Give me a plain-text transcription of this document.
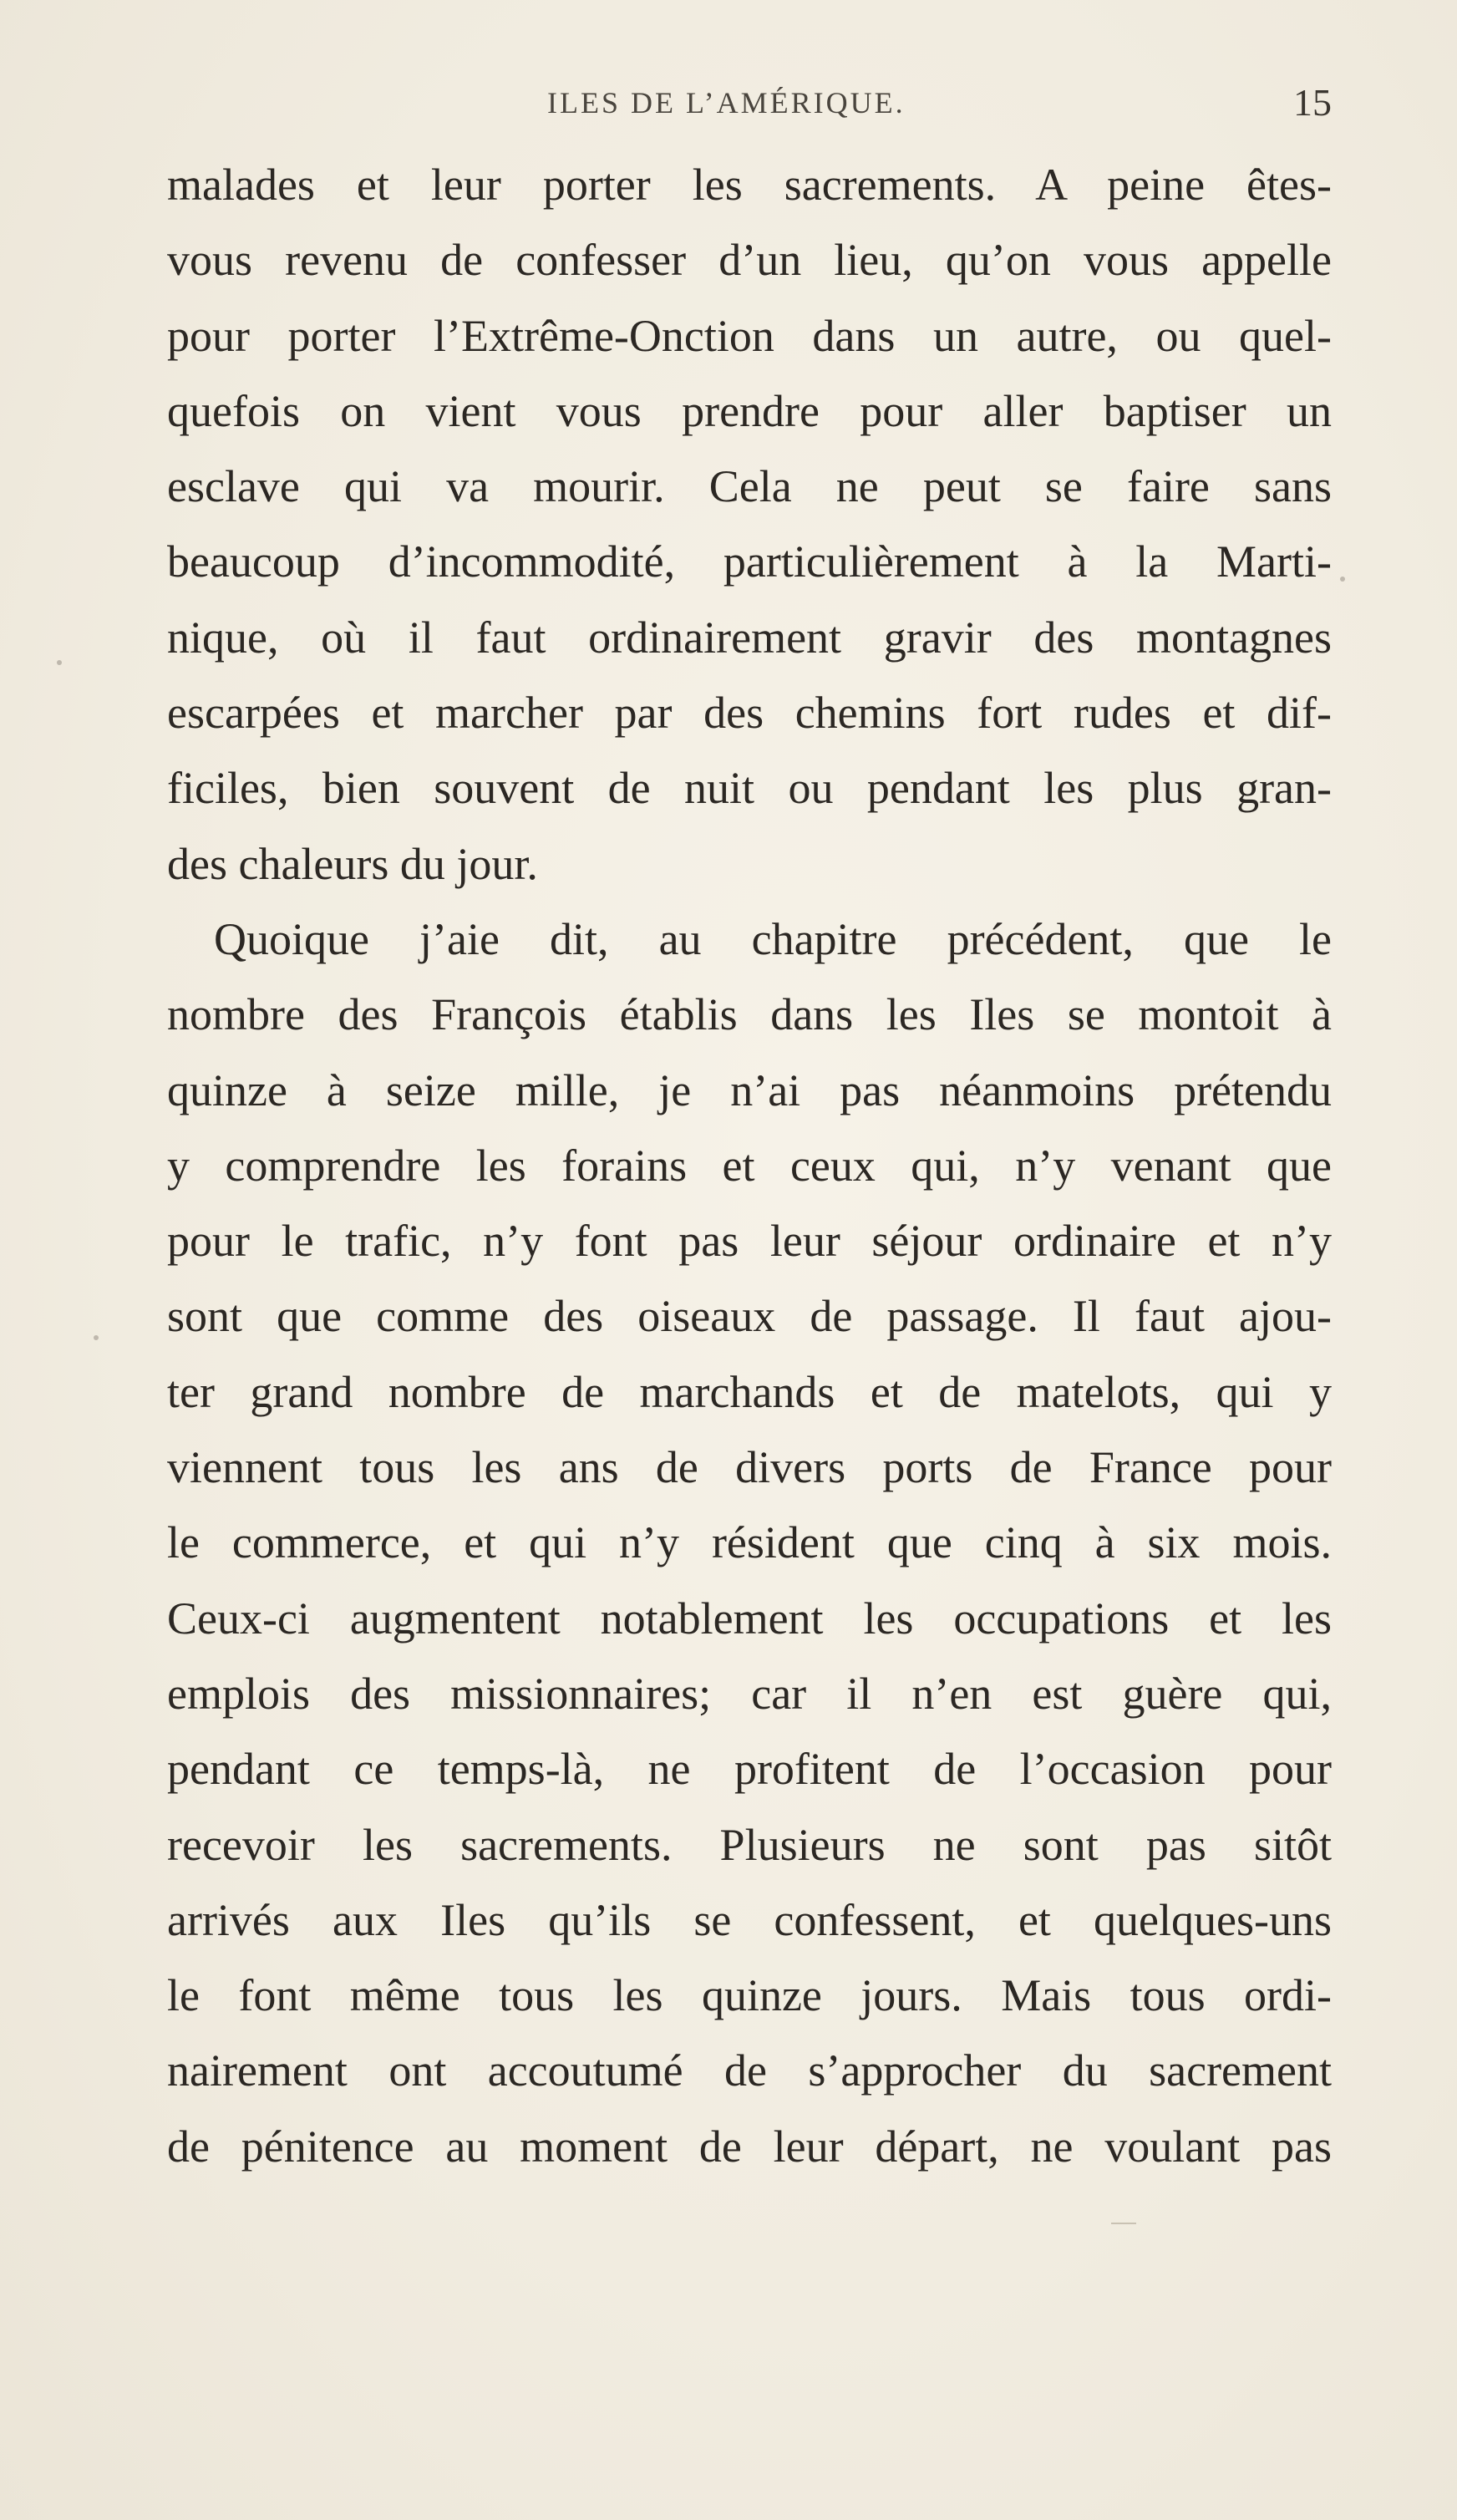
ILES DE L’AMÉRIQUE.	15
malades et leur porter les sacrements. A peine êtes-
vous revenu de confesser d’un lieu, qu’on vous appelle
pour porter l’Extrême-Onction dans un autre, ou quel-
quefois on vient vous prendre pour aller baptiser un
esclave qui va mourir. Cela ne peut se faire sans
beaucoup d’incommodité, particulièrement à la Marti-
nique, où il faut ordinairement gravir des montagnes
escarpées et marcher par des chemins fort rudes et dif-
ficiles, bien souvent de nuit ou pendant les plus gran-
des chaleurs du jour.
Quoique j’aie dit, au chapitre précédent, que le
nombre des François établis dans les Iles se montoit à
quinze à seize mille, je n’ai pas néanmoins prétendu
y comprendre les forains et ceux qui, n’y venant que
pour le trafic, n’y font pas leur séjour ordinaire et n’y
sont que comme des oiseaux de passage. Il faut ajou-
ter grand nombre de marchands et de matelots, qui y
viennent tous les ans de divers ports de France pour
le commerce, et qui n’y résident que cinq à six mois.
Ceux-ci augmentent notablement les occupations et les
emplois des missionnaires; car il n’en est guère qui,
pendant ce temps-là, ne profitent de l’occasion pour
recevoir les sacrements. Plusieurs ne sont pas sitôt
arrivés aux Iles qu’ils se confessent, et quelques-uns
le font même tous les quinze jours. Mais tous ordi-
nairement ont accoutumé de s’approcher du sacrement
de pénitence au moment de leur départ, ne voulant pas
